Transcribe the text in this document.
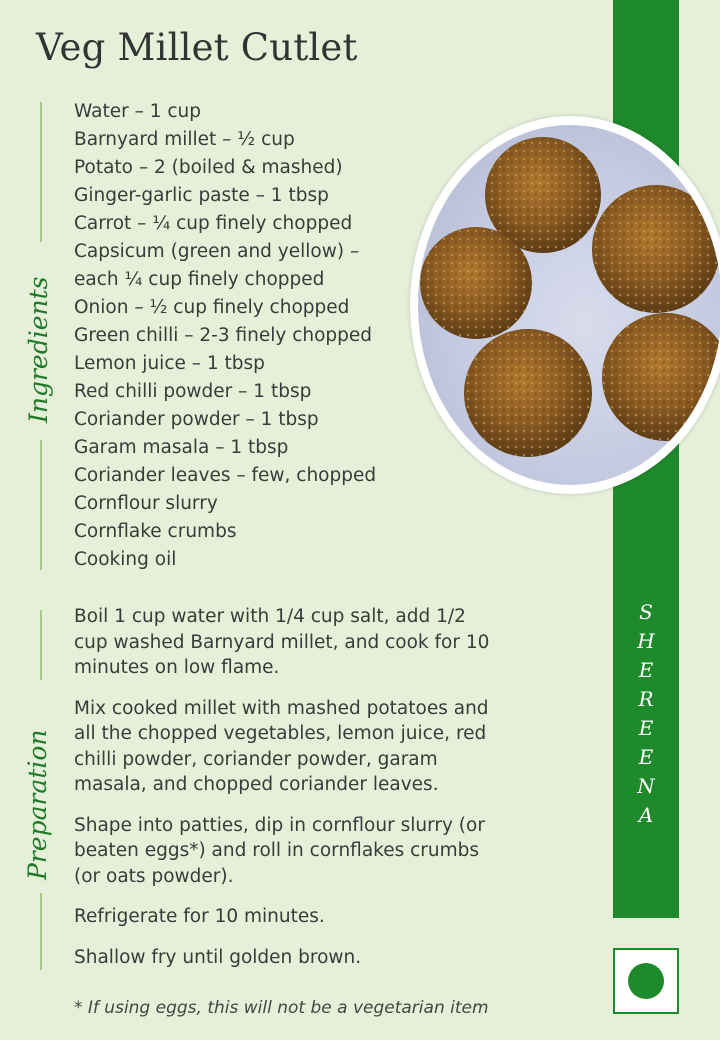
Veg Millet Cutlet
S
H
E
R
E
E
N
A
Ingredients
Water – 1 cup
Barnyard millet – ½ cup
Potato – 2 (boiled & mashed)
Ginger-garlic paste – 1 tbsp
Carrot – ¼ cup finely chopped
Capsicum (green and yellow) –
each ¼ cup finely chopped
Onion – ½ cup finely chopped
Green chilli – 2-3 finely chopped
Lemon juice – 1 tbsp
Red chilli powder – 1 tbsp
Coriander powder – 1 tbsp
Garam masala – 1 tbsp
Coriander leaves – few, chopped
Cornflour slurry
Cornflake crumbs
Cooking oil
Preparation

Boil 1 cup water with 1/4 cup salt, add 1/2 cup washed Barnyard millet, and cook for 10 minutes on low flame.

Mix cooked millet with mashed potatoes and all the chopped vegetables, lemon juice, red chilli powder, coriander powder, garam masala, and chopped coriander leaves.

Shape into patties, dip in cornflour slurry (or beaten eggs*) and roll in cornflakes crumbs (or oats powder).

Refrigerate for 10 minutes.

Shallow fry until golden brown.

* If using eggs, this will not be a vegetarian item
